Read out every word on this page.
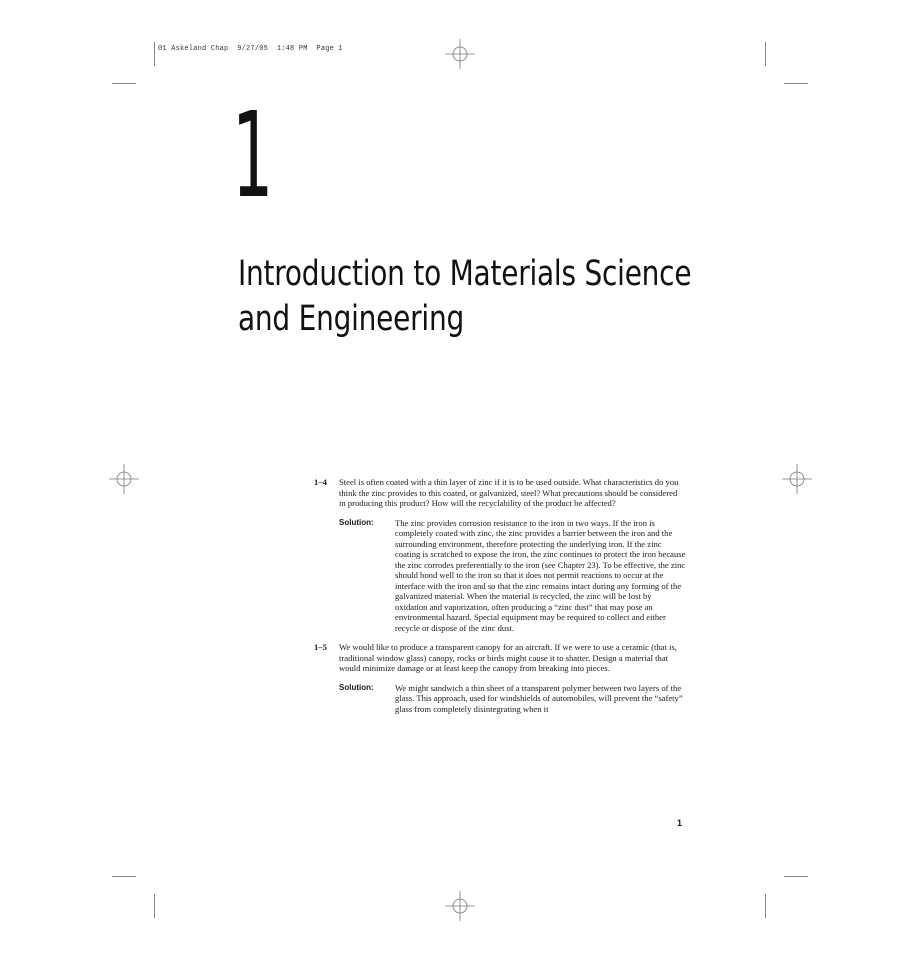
01 Askeland Chap  9/27/05  1:48 PM  Page 1
1
Introduction to Materials Science
and Engineering
1–4 Steel is often coated with a thin layer of zinc if it is to be used outside. What characteristics do you think the zinc provides to this coated, or galvanized, steel? What precautions should be considered in producing this product? How will the recyclability of the product be affected?
Solution: The zinc provides corrosion resistance to the iron in two ways. If the iron is completely coated with zinc, the zinc provides a barrier between the iron and the surrounding environment, therefore protecting the underlying iron. If the zinc coating is scratched to expose the iron, the zinc continues to protect the iron because the zinc corrodes preferentially to the iron (see Chapter 23). To be effective, the zinc should bond well to the iron so that it does not permit reactions to occur at the interface with the iron and so that the zinc remains intact during any forming of the galvanized material. When the material is recycled, the zinc will be lost by oxidation and vaporization, often producing a “zinc dust” that may pose an environmental hazard. Special equipment may be required to collect and either recycle or dispose of the zinc dust.
1–5 We would like to produce a transparent canopy for an aircraft. If we were to use a ceramic (that is, traditional window glass) canopy, rocks or birds might cause it to shatter. Design a material that would minimize damage or at least keep the canopy from breaking into pieces.
Solution: We might sandwich a thin sheet of a transparent polymer between two layers of the glass. This approach, used for windshields of automobiles, will prevent the “safety” glass from completely disintegrating when it
1
